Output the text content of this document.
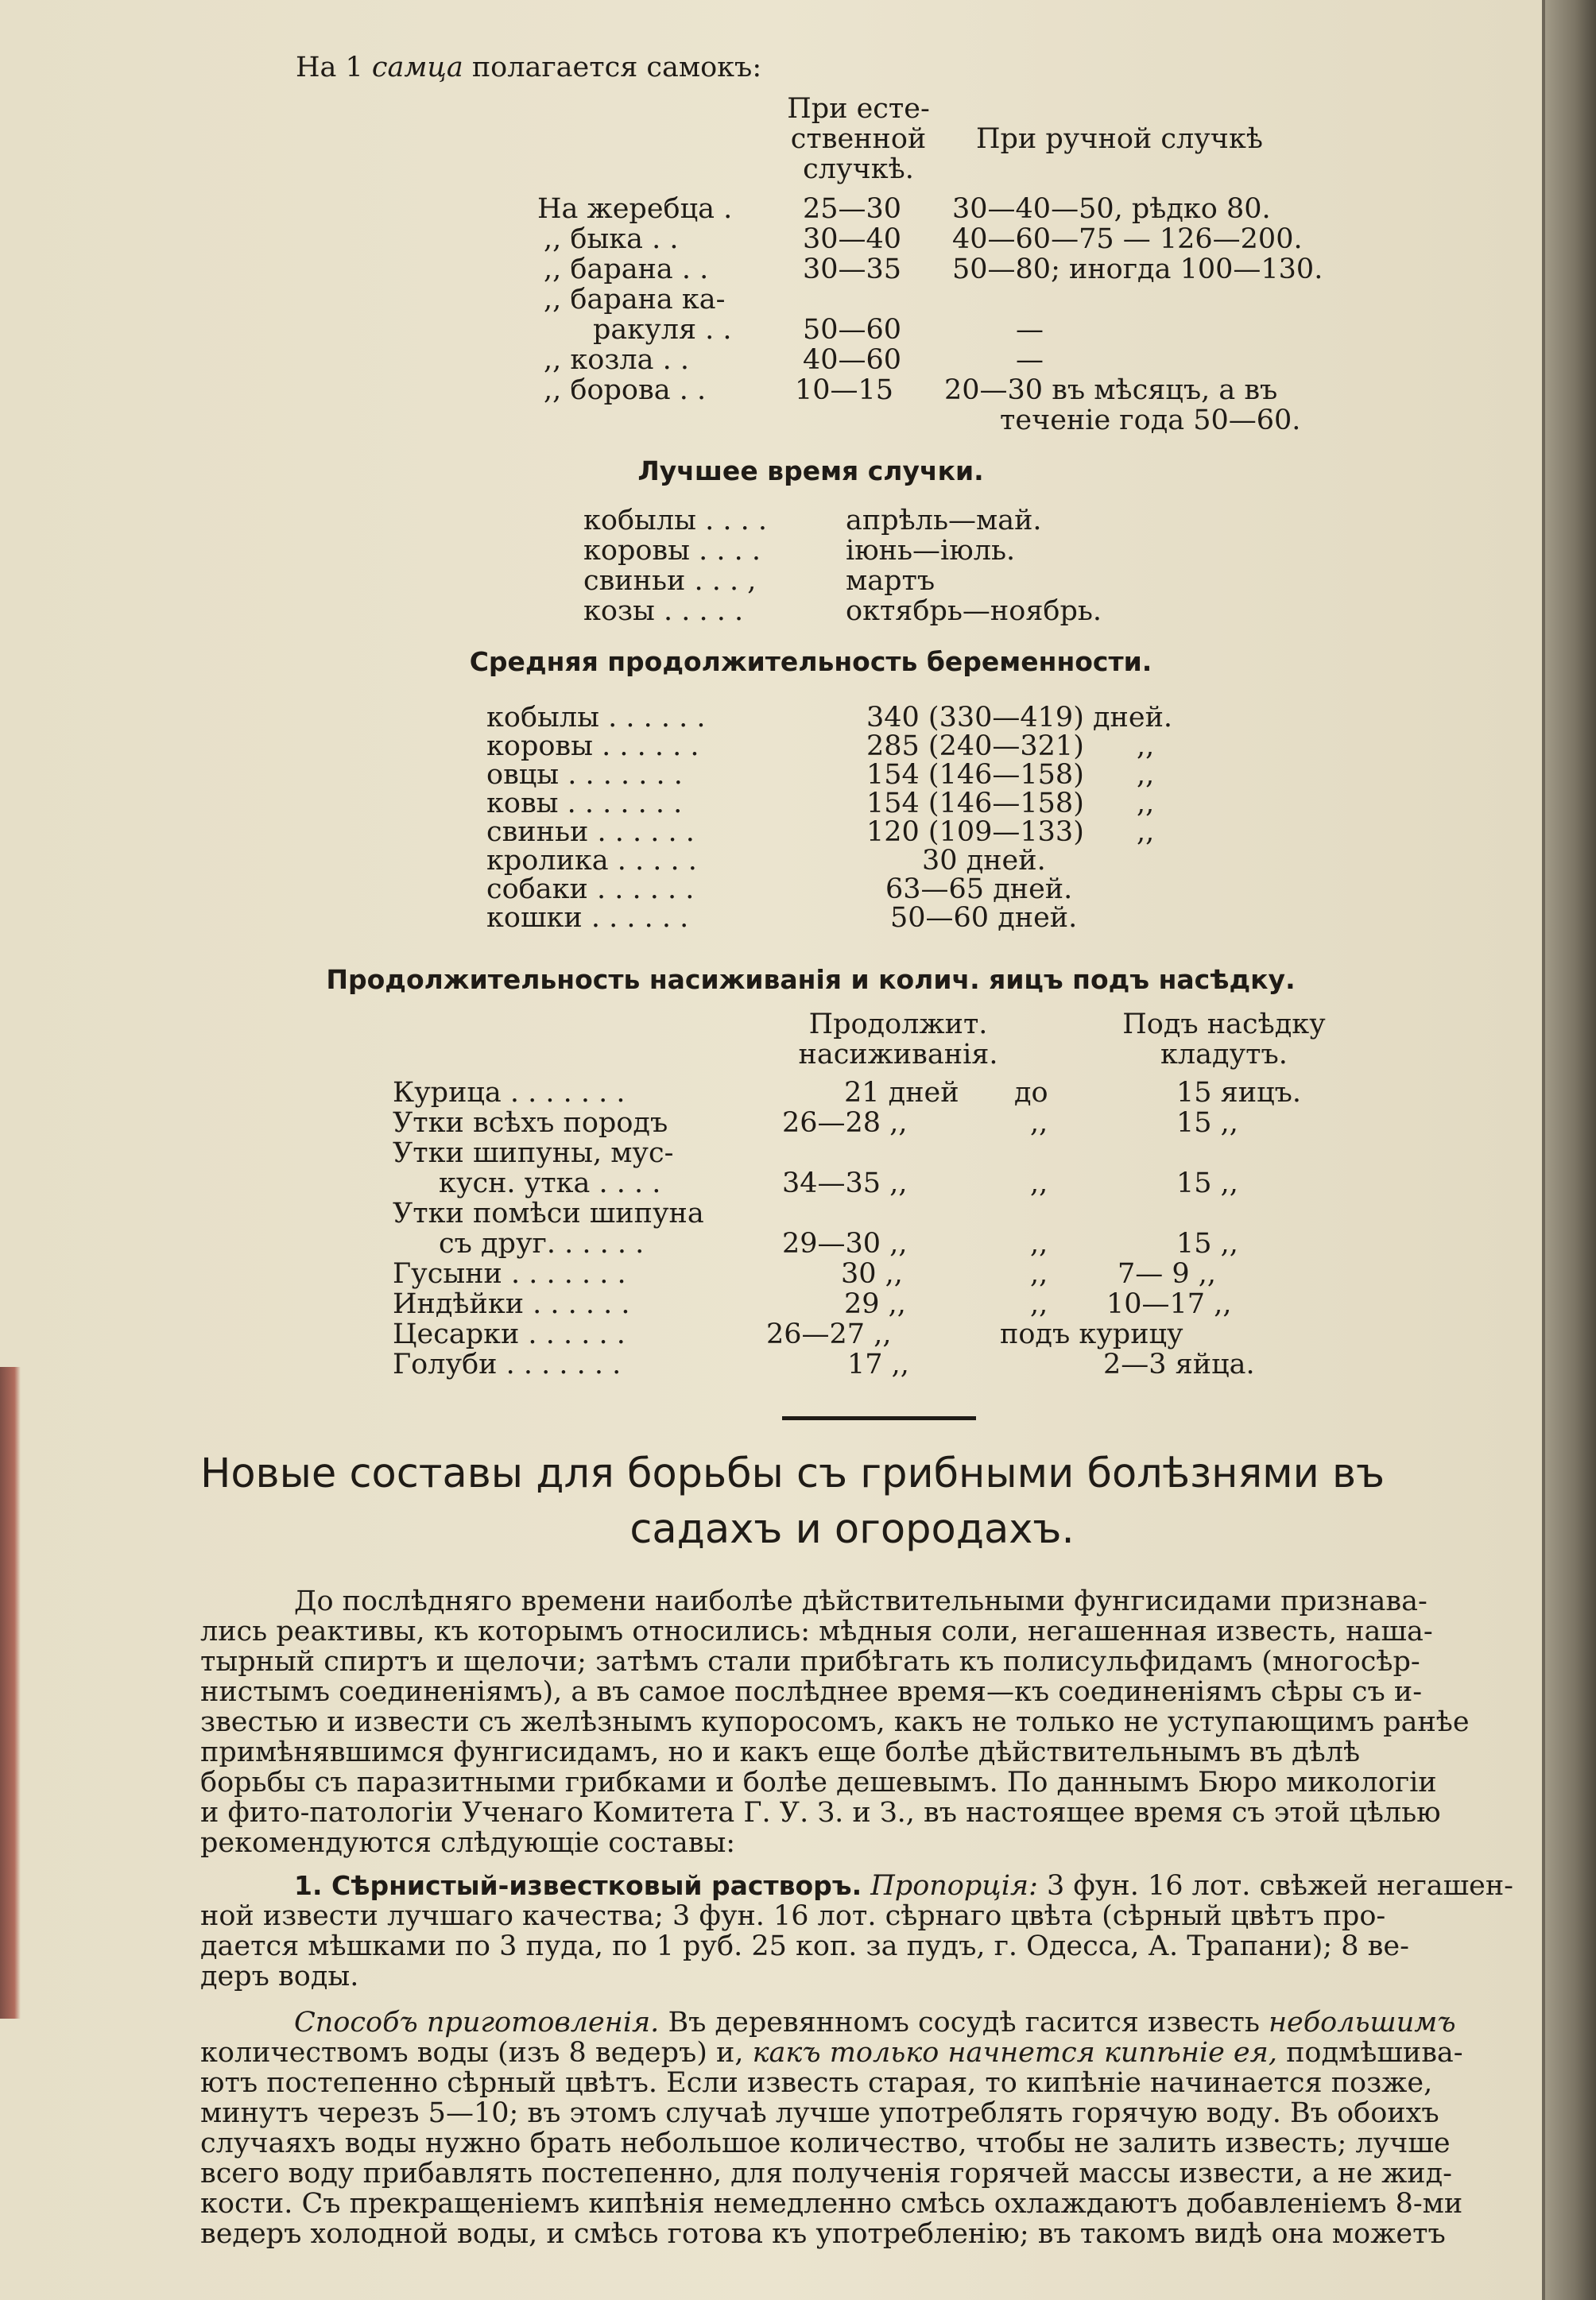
На 1 самца полагается самокъ:
При есте-
ственной
случкѣ.
При ручной случкѣ
На жеребца .	25—30 30—40—50, рѣдко 80.
,, быка . .	30—40 40—60—75 — 126—200.
,, барана . .	30—35 50—80; иногда 100—130.
,, барана ка-
ракуля . .	50—60	—
,, козла . .	40—60	—
,, борова . .	10—15 20—30 въ мѣсяцъ, а въ
теченіе года 50—60.
Лучшее время случки.
кобылы . . . .	апрѣль—май.
коровы . . . .	іюнь—іюль.
свиньи . . . ,	мартъ
козы . . . . .	октябрь—ноябрь.
Средняя продолжительность беременности.
кобылы . . . . . .	340 (330—419) дней.
коровы . . . . . .	285 (240—321) ,,
овцы . . . . . . .	154 (146—158) ,,
ковы . . . . . . .	154 (146—158) ,,
свиньи . . . . . .	120 (109—133) ,,
кролика . . . . .	30 дней.
собаки . . . . . .	63—65 дней.
кошки . . . . . .	50—60 дней.
Продолжительность насиживанія и колич. яицъ подъ насѣдку.
Продолжит.
насиживанія.
Подъ насѣдку
кладутъ.
Курица . . . . . . .	21 дней до	15 яицъ.
Утки всѣхъ породъ	26—28 ,,	,,	15 ,,
Утки шипуны, мус-
кусн. утка . . . .	34—35 ,,	,,	15 ,,
Утки помѣси шипуна
съ друг. . . . . .	29—30 ,,	,,	15 ,,
Гусыни . . . . . . .	30 ,,	,,	7— 9 ,,
Индѣйки . . . . . .	29 ,,	,, 10—17 ,,
Цесарки . . . . . .	26—27 ,,	подъ курицу
Голуби . . . . . . .	17 ,,	2—3 яйца.
Новые составы для борьбы съ грибными болѣзнями въ
садахъ и огородахъ.
До послѣдняго времени наиболѣе дѣйствительными фунгисидами признава-
лись реактивы, къ которымъ относились: мѣдныя соли, негашенная известь, наша-
тырный спиртъ и щелочи; затѣмъ стали прибѣгать къ полисульфидамъ (многосѣр-
нистымъ соединеніямъ), а въ самое послѣднее время—къ соединеніямъ сѣры съ и-
звестью и извести съ желѣзнымъ купоросомъ, какъ не только не уступающимъ ранѣе
примѣнявшимся фунгисидамъ, но и какъ еще болѣе дѣйствительнымъ въ дѣлѣ
борьбы съ паразитными грибками и болѣе дешевымъ. По даннымъ Бюро микологіи
и фито-патологіи Ученаго Комитета Г. У. З. и З., въ настоящее время съ этой цѣлью
рекомендуются слѣдующіе составы:
1. Сѣрнистый-известковый растворъ. Пропорція: 3 фун. 16 лот. свѣжей негашен-
ной извести лучшаго качества; 3 фун. 16 лот. сѣрнаго цвѣта (сѣрный цвѣтъ про-
дается мѣшками по 3 пуда, по 1 руб. 25 коп. за пудъ, г. Одесса, А. Трапани); 8 ве-
деръ воды.
Способъ приготовленія. Въ деревянномъ сосудѣ гасится известь небольшимъ
количествомъ воды (изъ 8 ведеръ) и, какъ только начнется кипѣніе ея, подмѣшива-
ютъ постепенно сѣрный цвѣтъ. Если известь старая, то кипѣніе начинается позже,
минутъ черезъ 5—10; въ этомъ случаѣ лучше употреблять горячую воду. Въ обоихъ
случаяхъ воды нужно брать небольшое количество, чтобы не залить известь; лучше
всего воду прибавлять постепенно, для полученія горячей массы извести, а не жид-
кости. Съ прекращеніемъ кипѣнія немедленно смѣсь охлаждаютъ добавленіемъ 8-ми
ведеръ холодной воды, и смѣсь готова къ употребленію; въ такомъ видѣ она можетъ
